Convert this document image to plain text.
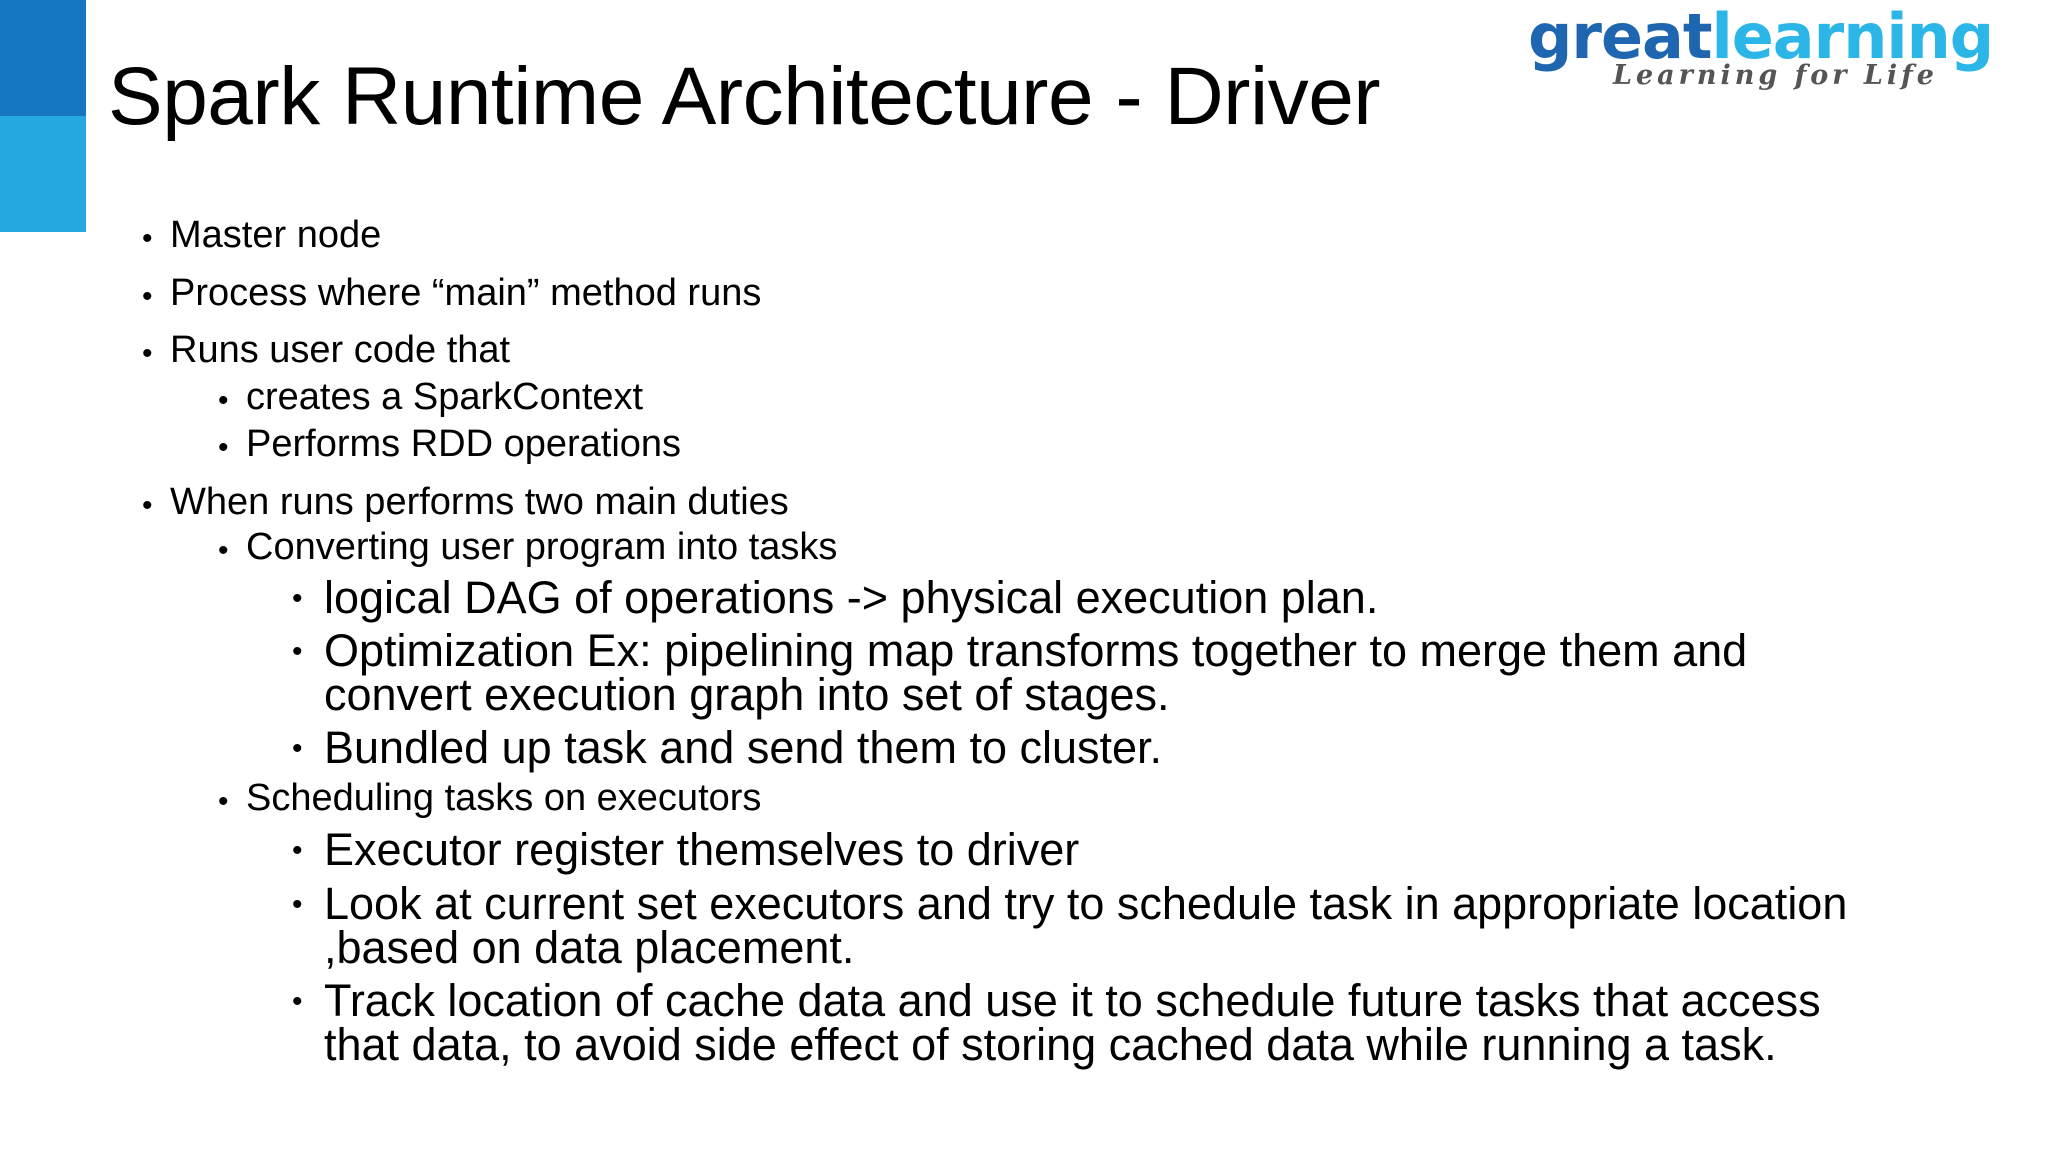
Spark Runtime Architecture - Driver
greatlearning
Learning for Life
• Master node
• Process where “main” method runs
• Runs user code that
• creates a SparkContext
• Performs RDD operations
• When runs performs two main duties
• Converting user program into tasks
• logical DAG of operations -> physical execution plan.
• Optimization Ex: pipelining map transforms together to merge them and
convert execution graph into set of stages.
• Bundled up task and send them to cluster.
• Scheduling tasks on executors
• Executor register themselves to driver
• Look at current set executors and try to schedule task in appropriate location
,based on data placement.
• Track location of cache data and use it to schedule future tasks that access
that data, to avoid side effect of storing cached data while running a task.
